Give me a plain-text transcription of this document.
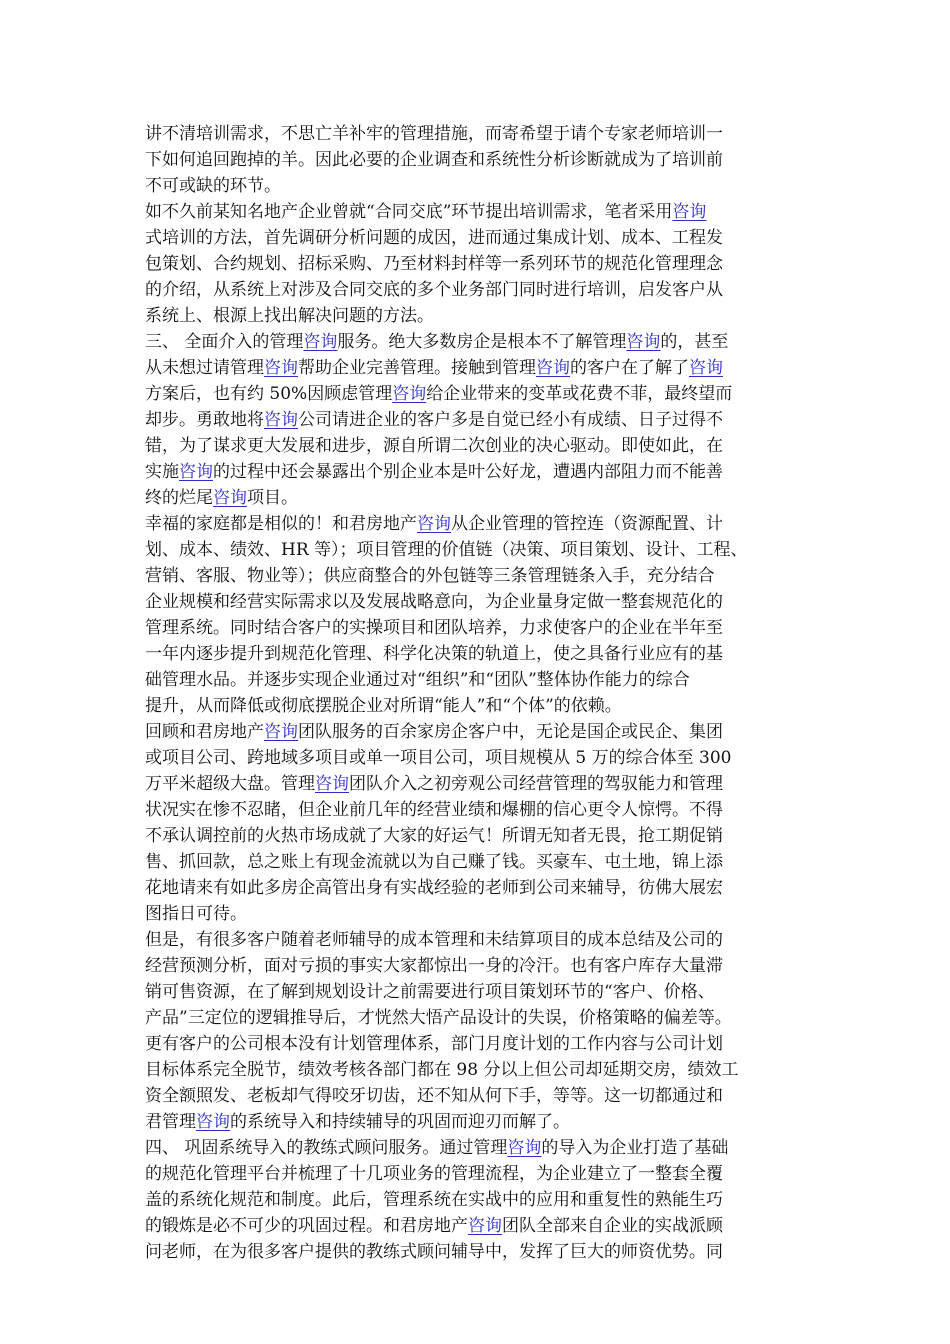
讲不清培训需求，不思亡羊补牢的管理措施，而寄希望于请个专家老师培训一
下如何追回跑掉的羊。因此必要的企业调查和系统性分析诊断就成为了培训前
不可或缺的环节。
如不久前某知名地产企业曾就“合同交底”环节提出培训需求，笔者采用咨询
式培训的方法，首先调研分析问题的成因，进而通过集成计划、成本、工程发
包策划、合约规划、招标采购、乃至材料封样等一系列环节的规范化管理理念
的介绍，从系统上对涉及合同交底的多个业务部门同时进行培训，启发客户从
系统上、根源上找出解决问题的方法。
三、 全面介入的管理咨询服务。绝大多数房企是根本不了解管理咨询的，甚至
从未想过请管理咨询帮助企业完善管理。接触到管理咨询的客户在了解了咨询
方案后，也有约 50%因顾虑管理咨询给企业带来的变革或花费不菲，最终望而
却步。勇敢地将咨询公司请进企业的客户多是自觉已经小有成绩、日子过得不
错，为了谋求更大发展和进步，源自所谓二次创业的决心驱动。即使如此，在
实施咨询的过程中还会暴露出个别企业本是叶公好龙，遭遇内部阻力而不能善
终的烂尾咨询项目。
幸福的家庭都是相似的！和君房地产咨询从企业管理的管控连（资源配置、计
划、成本、绩效、HR 等）；项目管理的价值链（决策、项目策划、设计、工程、
营销、客服、物业等）；供应商整合的外包链等三条管理链条入手，充分结合
企业规模和经营实际需求以及发展战略意向，为企业量身定做一整套规范化的
管理系统。同时结合客户的实操项目和团队培养，力求使客户的企业在半年至
一年内逐步提升到规范化管理、科学化决策的轨道上，使之具备行业应有的基
础管理水品。并逐步实现企业通过对“组织”和“团队”整体协作能力的综合
提升，从而降低或彻底摆脱企业对所谓“能人”和“个体”的依赖。
回顾和君房地产咨询团队服务的百余家房企客户中，无论是国企或民企、集团
或项目公司、跨地域多项目或单一项目公司，项目规模从 5 万的综合体至 300
万平米超级大盘。管理咨询团队介入之初旁观公司经营管理的驾驭能力和管理
状况实在惨不忍睹，但企业前几年的经营业绩和爆棚的信心更令人惊愕。不得
不承认调控前的火热市场成就了大家的好运气！所谓无知者无畏，抢工期促销
售、抓回款，总之账上有现金流就以为自己赚了钱。买豪车、屯土地，锦上添
花地请来有如此多房企高管出身有实战经验的老师到公司来辅导，彷佛大展宏
图指日可待。
但是，有很多客户随着老师辅导的成本管理和未结算项目的成本总结及公司的
经营预测分析，面对亏损的事实大家都惊出一身的冷汗。也有客户库存大量滞
销可售资源，在了解到规划设计之前需要进行项目策划环节的“客户、价格、
产品”三定位的逻辑推导后，才恍然大悟产品设计的失误，价格策略的偏差等。
更有客户的公司根本没有计划管理体系，部门月度计划的工作内容与公司计划
目标体系完全脱节，绩效考核各部门都在 98 分以上但公司却延期交房，绩效工
资全额照发、老板却气得咬牙切齿，还不知从何下手，等等。这一切都通过和
君管理咨询的系统导入和持续辅导的巩固而迎刃而解了。
四、 巩固系统导入的教练式顾问服务。通过管理咨询的导入为企业打造了基础
的规范化管理平台并梳理了十几项业务的管理流程，为企业建立了一整套全覆
盖的系统化规范和制度。此后，管理系统在实战中的应用和重复性的熟能生巧
的锻炼是必不可少的巩固过程。和君房地产咨询团队全部来自企业的实战派顾
问老师，在为很多客户提供的教练式顾问辅导中，发挥了巨大的师资优势。同
